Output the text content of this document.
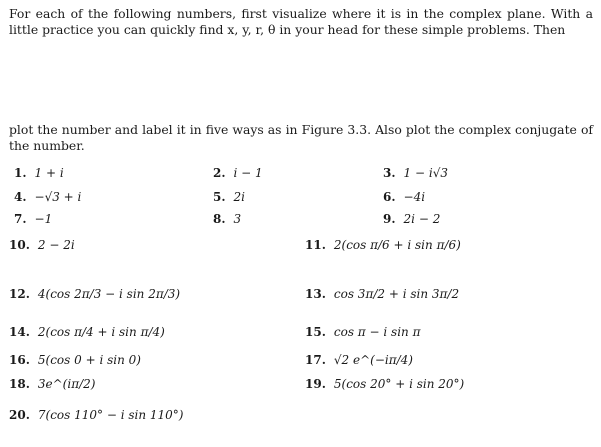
For each of the following numbers, first visualize where it is in the complex plane. With a little practice you can quickly find x, y, r, θ in your head for these simple problems. Then

plot the number and label it in five ways as in Figure 3.3. Also plot the complex conjugate of the number.

1. 1 + i	2. i − 1	3. 1 − i√3
4. −√3 + i	5. 2i	6. −4i
7. −1	8. 3	9. 2i − 2
10. 2 − 2i	11. 2(cos π/6 + i sin π/6)
12. 4(cos 2π/3 − i sin 2π/3)	13. cos 3π/2 + i sin 3π/2
14. 2(cos π/4 + i sin π/4)	15. cos π − i sin π
16. 5(cos 0 + i sin 0)	17. √2 e^(−iπ/4)
18. 3e^(iπ/2)	19. 5(cos 20° + i sin 20°)
20. 7(cos 110° − i sin 110°)
